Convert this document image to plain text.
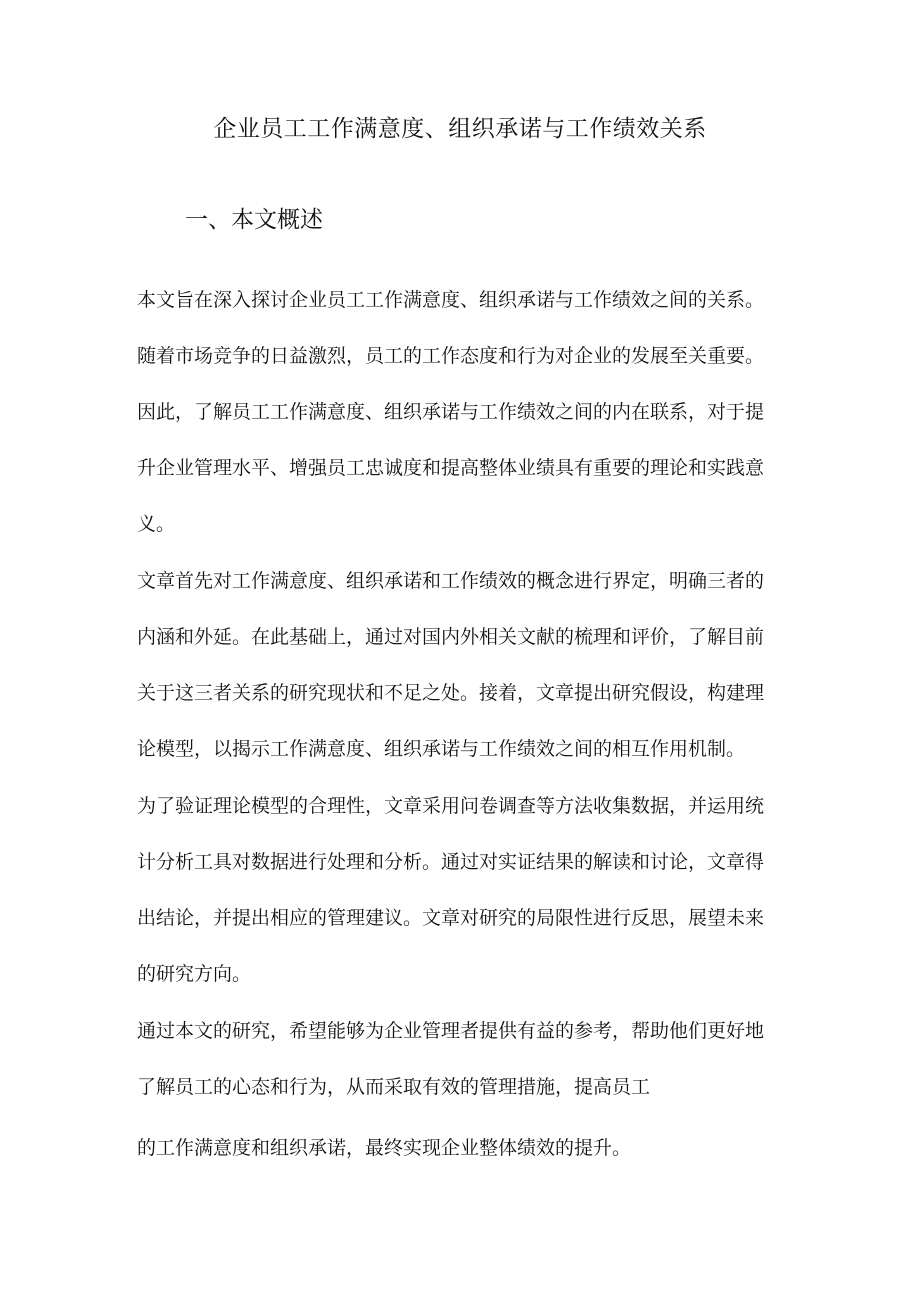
企业员工工作满意度、组织承诺与工作绩效关系
一、本文概述
本文旨在深入探讨企业员工工作满意度、组织承诺与工作绩效之间的关系。
随着市场竞争的日益激烈，员工的工作态度和行为对企业的发展至关重要。
因此，了解员工工作满意度、组织承诺与工作绩效之间的内在联系，对于提
升企业管理水平、增强员工忠诚度和提高整体业绩具有重要的理论和实践意
义。
文章首先对工作满意度、组织承诺和工作绩效的概念进行界定，明确三者的
内涵和外延。在此基础上，通过对国内外相关文献的梳理和评价，了解目前
关于这三者关系的研究现状和不足之处。接着，文章提出研究假设，构建理
论模型，以揭示工作满意度、组织承诺与工作绩效之间的相互作用机制。
为了验证理论模型的合理性，文章采用问卷调查等方法收集数据，并运用统
计分析工具对数据进行处理和分析。通过对实证结果的解读和讨论，文章得
出结论，并提出相应的管理建议。文章对研究的局限性进行反思，展望未来
的研究方向。
通过本文的研究，希望能够为企业管理者提供有益的参考，帮助他们更好地
了解员工的心态和行为，从而采取有效的管理措施，提高员工
的工作满意度和组织承诺，最终实现企业整体绩效的提升。
